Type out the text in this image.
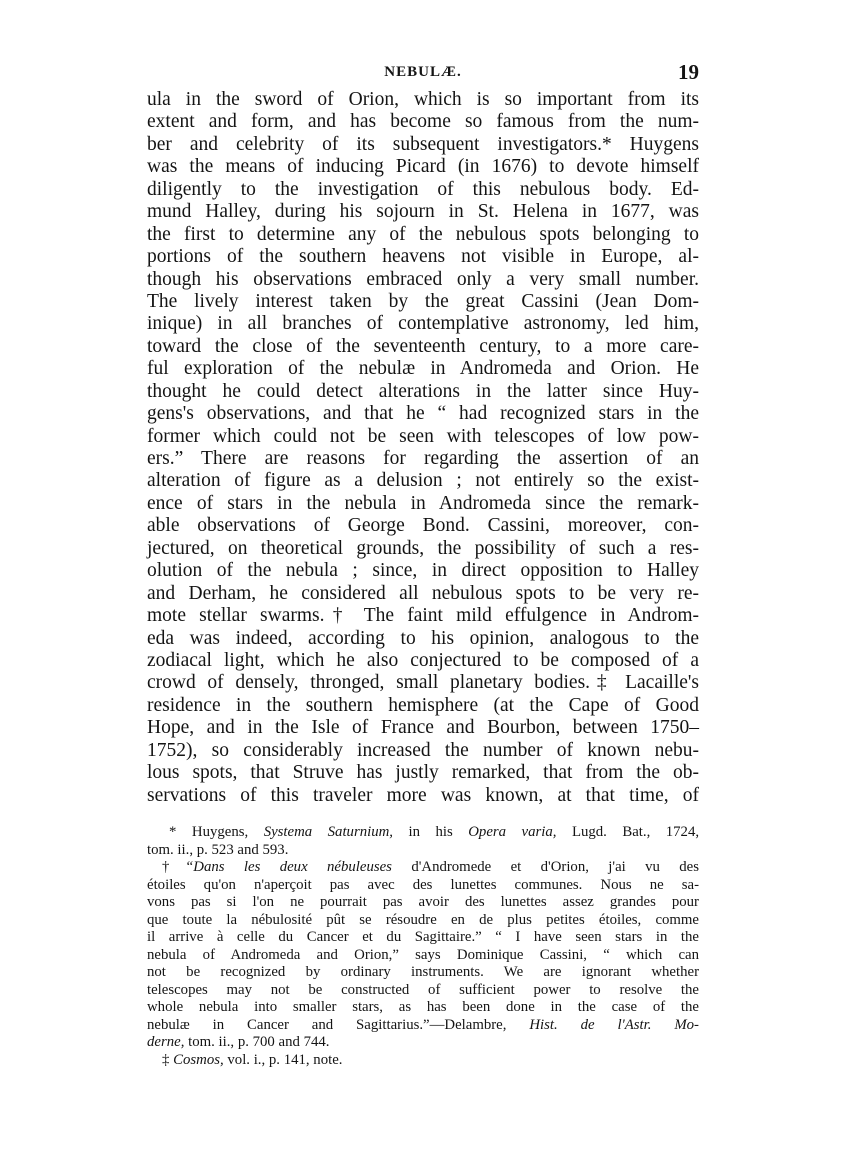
NEBULÆ.	19
ula in the sword of Orion, which is so important from its
extent and form, and has become so famous from the num-
ber and celebrity of its subsequent investigators.* Huygens
was the means of inducing Picard (in 1676) to devote himself
diligently to the investigation of this nebulous body. Ed-
mund Halley, during his sojourn in St. Helena in 1677, was
the first to determine any of the nebulous spots belonging to
portions of the southern heavens not visible in Europe, al-
though his observations embraced only a very small number.
The lively interest taken by the great Cassini (Jean Dom-
inique) in all branches of contemplative astronomy, led him,
toward the close of the seventeenth century, to a more care-
ful exploration of the nebulæ in Andromeda and Orion. He
thought he could detect alterations in the latter since Huy-
gens's observations, and that he “ had recognized stars in the
former which could not be seen with telescopes of low pow-
ers.” There are reasons for regarding the assertion of an
alteration of figure as a delusion ; not entirely so the exist-
ence of stars in the nebula in Andromeda since the remark-
able observations of George Bond. Cassini, moreover, con-
jectured, on theoretical grounds, the possibility of such a res-
olution of the nebula ; since, in direct opposition to Halley
and Derham, he considered all nebulous spots to be very re-
mote stellar swarms.† The faint mild effulgence in Androm-
eda was indeed, according to his opinion, analogous to the
zodiacal light, which he also conjectured to be composed of a
crowd of densely, thronged, small planetary bodies.‡ Lacaille's
residence in the southern hemisphere (at the Cape of Good
Hope, and in the Isle of France and Bourbon, between 1750–
1752), so considerably increased the number of known nebu-
lous spots, that Struve has justly remarked, that from the ob-
servations of this traveler more was known, at that time, of
* Huygens, Systema Saturnium, in his Opera varia, Lugd. Bat., 1724,
tom. ii., p. 523 and 593.
†“Dans les deux nébuleuses d'Andromede et d'Orion, j'ai vu des
étoiles qu'on n'aperçoit pas avec des lunettes communes. Nous ne sa-
vons pas si l'on ne pourrait pas avoir des lunettes assez grandes pour
que toute la nébulosité pût se résoudre en de plus petites étoiles, comme
il arrive à celle du Cancer et du Sagittaire.” “ I have seen stars in the
nebula of Andromeda and Orion,” says Dominique Cassini, “ which can
not be recognized by ordinary instruments. We are ignorant whether
telescopes may not be constructed of sufficient power to resolve the
whole nebula into smaller stars, as has been done in the case of the
nebulæ in Cancer and Sagittarius.”—Delambre, Hist. de l'Astr. Mo-
derne, tom. ii., p. 700 and 744.
‡ Cosmos, vol. i., p. 141, note.
